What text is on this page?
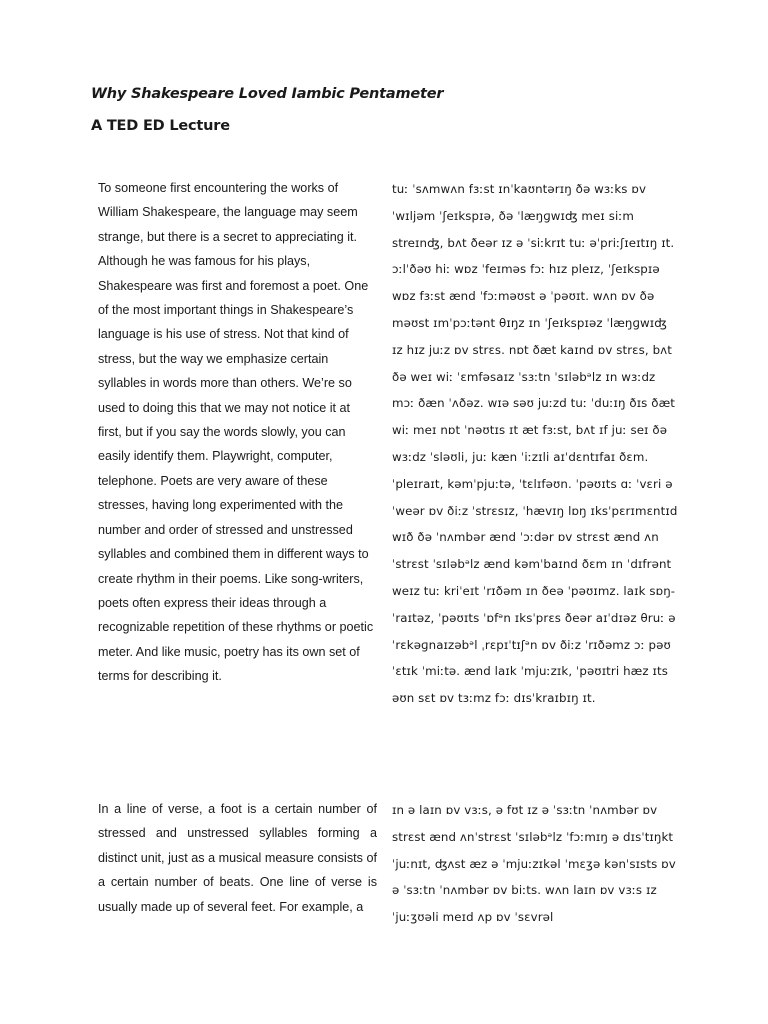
Why Shakespeare Loved Iambic Pentameter
A TED ED Lecture

To someone first encountering the works of William Shakespeare, the language may seem strange, but there is a secret to appreciating it. Although he was famous for his plays, Shakespeare was first and foremost a poet. One of the most important things in Shakespeare’s language is his use of stress. Not that kind of stress, but the way we emphasize certain syllables in words more than others. We’re so used to doing this that we may not notice it at first, but if you say the words slowly, you can easily identify them. Playwright, computer, telephone. Poets are very aware of these stresses, having long experimented with the number and order of stressed and unstressed syllables and combined them in different ways to create rhythm in their poems. Like song-writers, poets often express their ideas through a recognizable repetition of these rhythms or poetic meter. And like music, poetry has its own set of terms for describing it.

tuː ˈsʌmwʌn fɜːst ɪnˈkaʊntərɪŋ ðə wɜːks ɒv ˈwɪljəm ˈʃeɪkspɪə, ðə ˈlæŋɡwɪʤ meɪ siːm streɪnʤ, bʌt ðeər ɪz ə ˈsiːkrɪt tuː əˈpriːʃɪeɪtɪŋ ɪt. ɔːlˈðəʊ hiː wɒz ˈfeɪməs fɔː hɪz pleɪz, ˈʃeɪkspɪə wɒz fɜːst ænd ˈfɔːməʊst ə ˈpəʊɪt. wʌn ɒv ðə məʊst ɪmˈpɔːtənt θɪŋz ɪn ˈʃeɪkspɪəz ˈlæŋɡwɪʤ ɪz hɪz juːz ɒv strɛs. nɒt ðæt kaɪnd ɒv strɛs, bʌt ðə weɪ wiː ˈɛmfəsaɪz ˈsɜːtn ˈsɪləbᵊlz ɪn wɜːdz mɔː ðæn ˈʌðəz. wɪə səʊ juːzd tuː ˈduːɪŋ ðɪs ðæt wiː meɪ nɒt ˈnəʊtɪs ɪt æt fɜːst, bʌt ɪf juː seɪ ðə wɜːdz ˈsləʊli, juː kæn ˈiːzɪli aɪˈdɛntɪfaɪ ðɛm. ˈpleɪraɪt, kəmˈpjuːtə, ˈtɛlɪfəʊn. ˈpəʊɪts ɑː ˈvɛri əˈweər ɒv ðiːz ˈstrɛsɪz, ˈhævɪŋ lɒŋ ɪksˈpɛrɪmɛntɪd wɪð ðə ˈnʌmbər ænd ˈɔːdər ɒv strɛst ænd ʌnˈstrɛst ˈsɪləbᵊlz ænd kəmˈbaɪnd ðɛm ɪn ˈdɪfrənt weɪz tuː kriˈeɪt ˈrɪðəm ɪn ðeə ˈpəʊɪmz. laɪk sɒŋ-ˈraɪtəz, ˈpəʊɪts ˈɒfᵊn ɪksˈprɛs ðeər aɪˈdɪəz θruː ə ˈrɛkəɡnaɪzəbᵊl ˌrɛpɪˈtɪʃᵊn ɒv ðiːz ˈrɪðəmz ɔː pəʊˈɛtɪk ˈmiːtə. ænd laɪk ˈmjuːzɪk, ˈpəʊɪtri hæz ɪts əʊn sɛt ɒv tɜːmz fɔː dɪsˈkraɪbɪŋ ɪt.

In a line of verse, a foot is a certain number of stressed and unstressed syllables forming a distinct unit, just as a musical measure consists of a certain number of beats. One line of verse is usually made up of several feet. For example, a

ɪn ə laɪn ɒv vɜːs, ə fʊt ɪz ə ˈsɜːtn ˈnʌmbər ɒv strɛst ænd ʌnˈstrɛst ˈsɪləbᵊlz ˈfɔːmɪŋ ə dɪsˈtɪŋkt ˈjuːnɪt, ʤʌst æz ə ˈmjuːzɪkəl ˈmɛʒə kənˈsɪsts ɒv ə ˈsɜːtn ˈnʌmbər ɒv biːts. wʌn laɪn ɒv vɜːs ɪz ˈjuːʒʊəli meɪd ʌp ɒv ˈsɛvrəl
